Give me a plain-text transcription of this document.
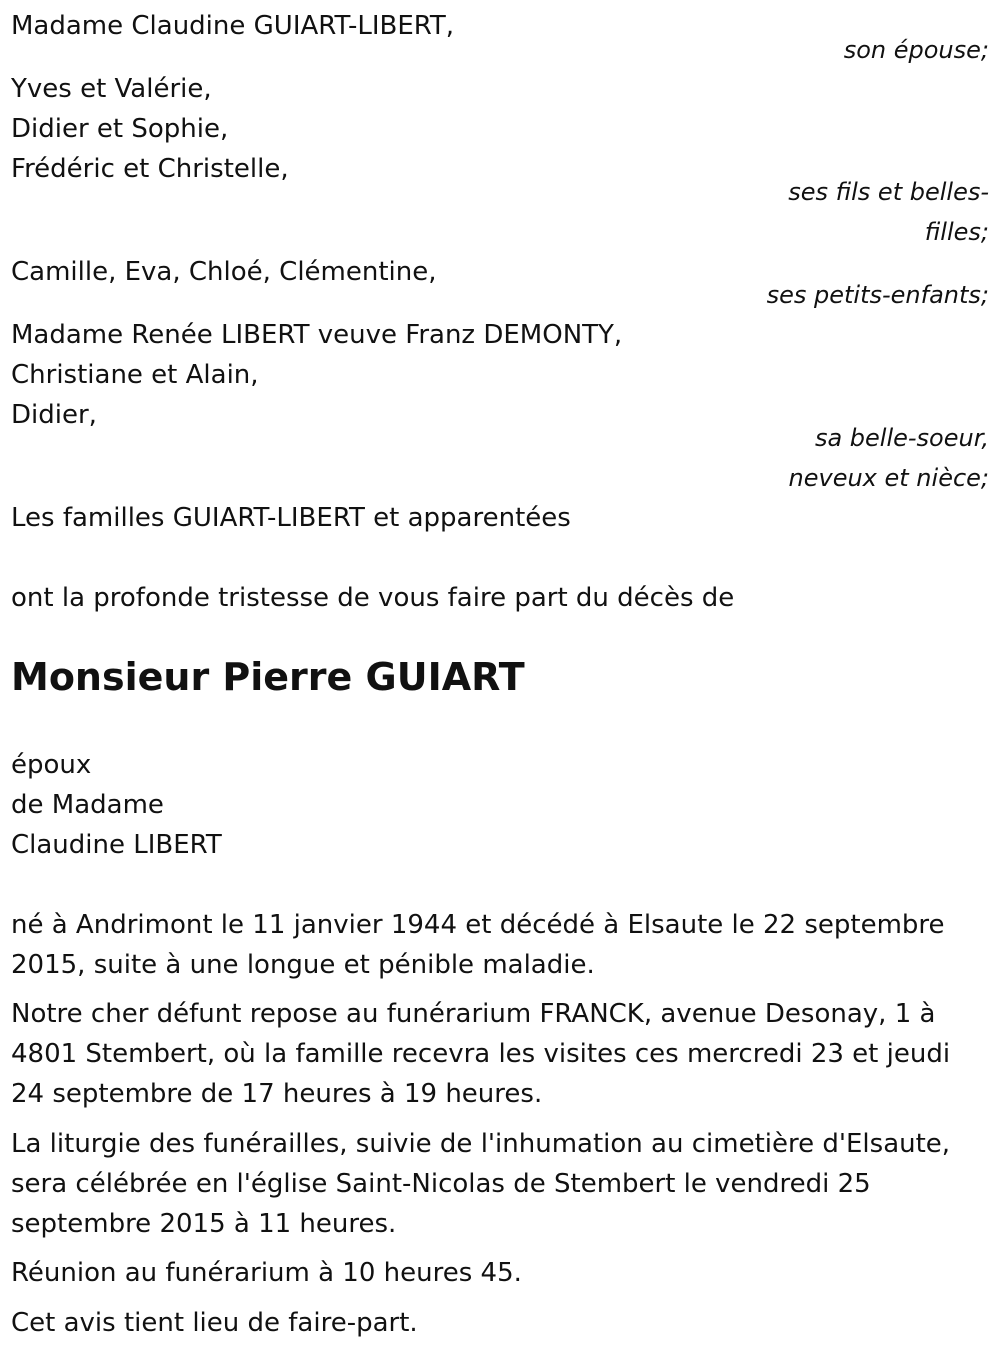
Madame Claudine GUIART-LIBERT,
son épouse;
Yves et Valérie,
Didier et Sophie,
Frédéric et Christelle,
ses fils et belles-
filles;
Camille, Eva, Chloé, Clémentine,
ses petits-enfants;
Madame Renée LIBERT veuve Franz DEMONTY,
Christiane et Alain,
Didier,
sa belle-soeur,
neveux et nièce;
Les familles GUIART-LIBERT et apparentées
ont la profonde tristesse de vous faire part du décès de
Monsieur Pierre GUIART
époux
de Madame
Claudine LIBERT
né à Andrimont le 11 janvier 1944 et décédé à Elsaute le 22 septembre
2015, suite à une longue et pénible maladie.
Notre cher défunt repose au funérarium FRANCK, avenue Desonay, 1 à
4801 Stembert, où la famille recevra les visites ces mercredi 23 et jeudi
24 septembre de 17 heures à 19 heures.
La liturgie des funérailles, suivie de l'inhumation au cimetière d'Elsaute,
sera célébrée en l'église Saint-Nicolas de Stembert le vendredi 25
septembre 2015 à 11 heures.
Réunion au funérarium à 10 heures 45.
Cet avis tient lieu de faire-part.
